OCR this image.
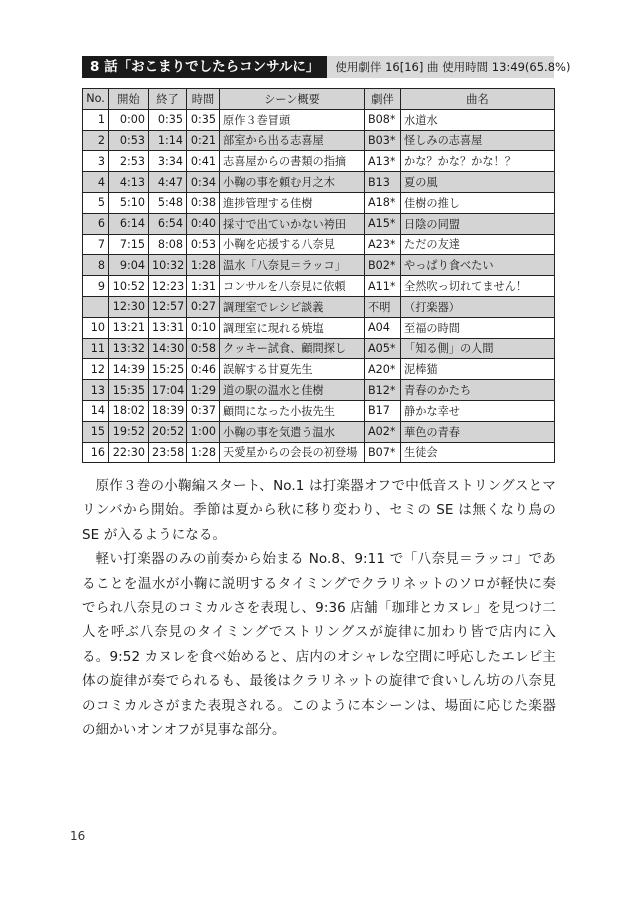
8 話「おこまりでしたらコンサルに」	使用劇伴 16[16] 曲 使用時間 13:49(65.8%)
No.	開始	終了	時間	シーン概要	劇伴	曲名
1	0:00	0:35	0:35	原作３巻冒頭	B08*	水道水
2	0:53	1:14	0:21	部室から出る志喜屋	B03*	怪しみの志喜屋
3	2:53	3:34	0:41	志喜屋からの書類の指摘	A13*	かな？かな？かな！？
4	4:13	4:47	0:34	小鞠の事を頼む月之木	B13	夏の風
5	5:10	5:48	0:38	進捗管理する佳樹	A18*	佳樹の推し
6	6:14	6:54	0:40	採寸で出ていかない袴田	A15*	日陰の同盟
7	7:15	8:08	0:53	小鞠を応援する八奈見	A23*	ただの友達
8	9:04	10:32	1:28	温水「八奈見＝ラッコ」	B02*	やっぱり食べたい
9	10:52	12:23	1:31	コンサルを八奈見に依頼	A11*	全然吹っ切れてません！
	12:30	12:57	0:27	調理室でレシピ談義	不明	（打楽器）
10	13:21	13:31	0:10	調理室に現れる焼塩	A04	至福の時間
11	13:32	14:30	0:58	クッキー試食、顧問探し	A05*	「知る側」の人間
12	14:39	15:25	0:46	誤解する甘夏先生	A20*	泥棒猫
13	15:35	17:04	1:29	道の駅の温水と佳樹	B12*	青春のかたち
14	18:02	18:39	0:37	顧問になった小抜先生	B17	静かな幸せ
15	19:52	20:52	1:00	小鞠の事を気遣う温水	A02*	華色の青春
16	22:30	23:58	1:28	天愛星からの会長の初登場	B07*	生徒会

原作３巻の小鞠編スタート、No.1 は打楽器オフで中低音ストリングスとマリンバから開始。季節は夏から秋に移り変わり、セミの SE は無くなり鳥の SE が入るようになる。

軽い打楽器のみの前奏から始まる No.8、9:11 で「八奈見＝ラッコ」であることを温水が小鞠に説明するタイミングでクラリネットのソロが軽快に奏でられ八奈見のコミカルさを表現し、9:36 店舗「珈琲とカヌレ」を見つけ二人を呼ぶ八奈見のタイミングでストリングスが旋律に加わり皆で店内に入る。9:52 カヌレを食べ始めると、店内のオシャレな空間に呼応したエレピ主体の旋律が奏でられるも、最後はクラリネットの旋律で食いしん坊の八奈見のコミカルさがまた表現される。このように本シーンは、場面に応じた楽器の細かいオンオフが見事な部分。

16
